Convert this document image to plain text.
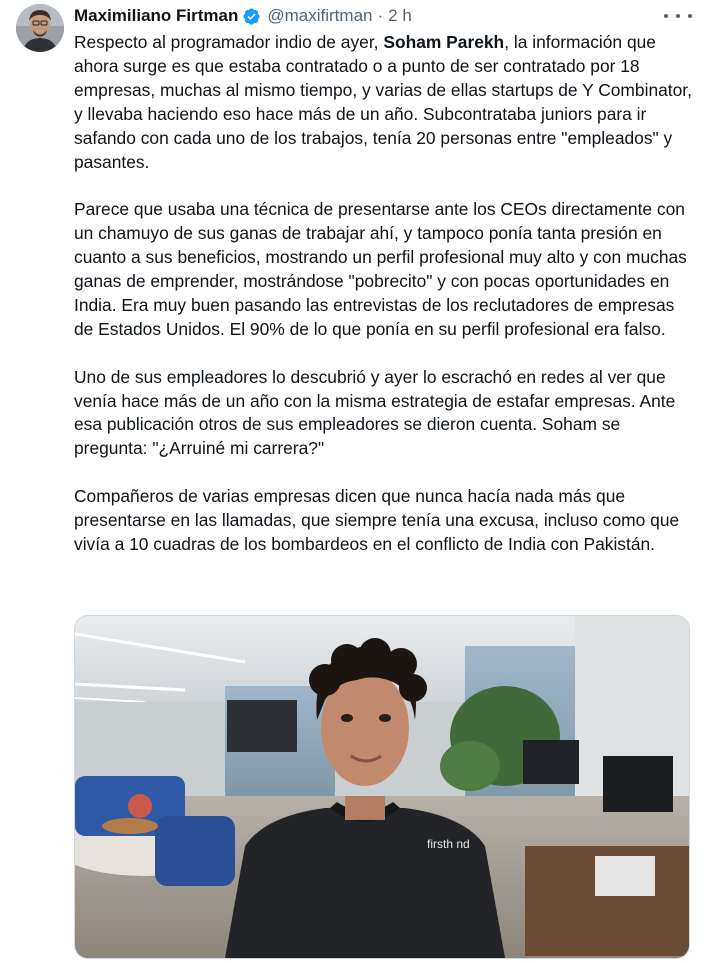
Maximiliano Firtman @maxifirtman · 2 h

Respecto al programador indio de ayer, Soham Parekh, la información que ahora surge es que estaba contratado o a punto de ser contratado por 18 empresas, muchas al mismo tiempo, y varias de ellas startups de Y Combinator, y llevaba haciendo eso hace más de un año. Subcontrataba juniors para ir safando con cada uno de los trabajos, tenía 20 personas entre "empleados" y pasantes.

Parece que usaba una técnica de presentarse ante los CEOs directamente con un chamuyo de sus ganas de trabajar ahí, y tampoco ponía tanta presión en cuanto a sus beneficios, mostrando un perfil profesional muy alto y con muchas ganas de emprender, mostrándose "pobrecito" y con pocas oportunidades en India. Era muy buen pasando las entrevistas de los reclutadores de empresas de Estados Unidos. El 90% de lo que ponía en su perfil profesional era falso.

Uno de sus empleadores lo descubrió y ayer lo escrachó en redes al ver que venía hace más de un año con la misma estrategia de estafar empresas. Ante esa publicación otros de sus empleadores se dieron cuenta. Soham se pregunta: "¿Arruiné mi carrera?"

Compañeros de varias empresas dicen que nunca hacía nada más que presentarse en las llamadas, que siempre tenía una excusa, incluso como que vivía a 10 cuadras de los bombardeos en el conflicto de India con Pakistán.

firsth nd
